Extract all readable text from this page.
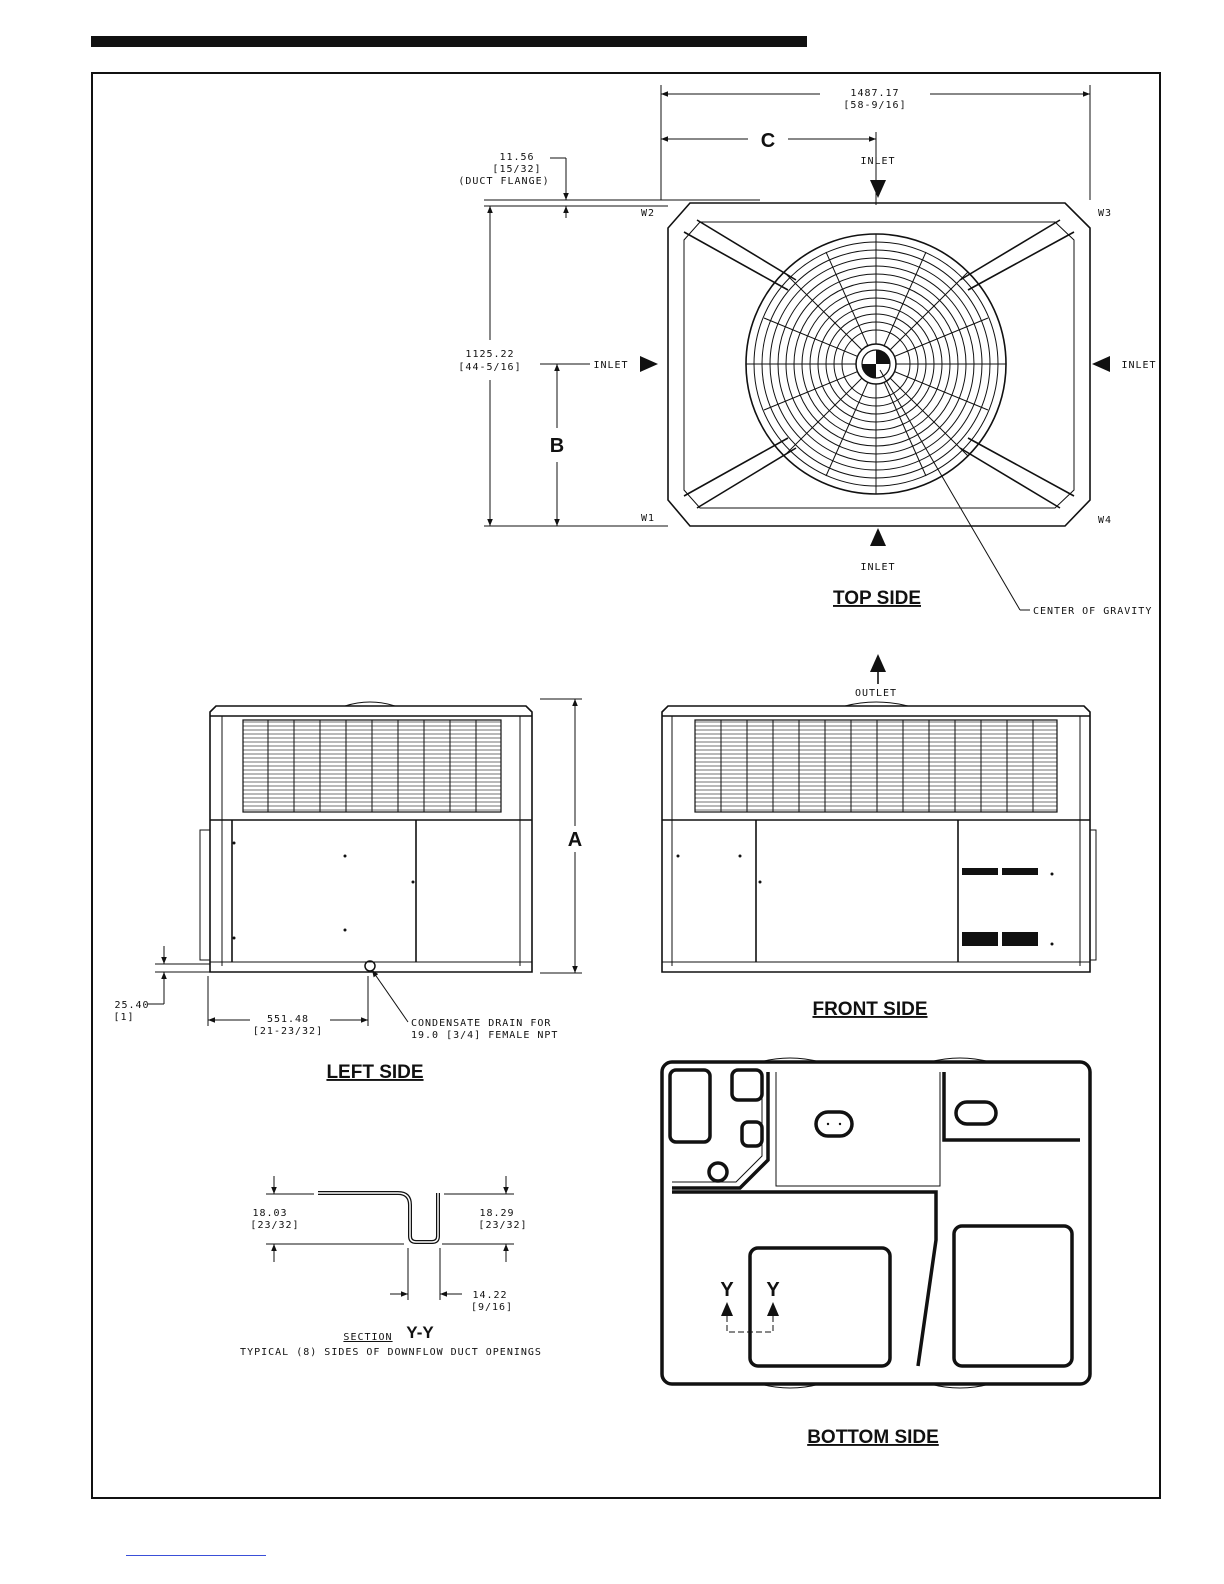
1487.17
[58-9/16]
C
INLET
11.56
[15/32]
(DUCT FLANGE)
1125.22
[44-5/16]
B
INLET	INLET
INLET
CENTER OF GRAVITY
W2	W3
W1	W4
TOP SIDE
A
25.40
[1]	551.48
[21-23/32]
CONDENSATE DRAIN FOR
19.0 [3/4] FEMALE NPT
LEFT SIDE
OUTLET
FRONT SIDE
18.03
[23/32]
18.29
[23/32]
14.22
[9/16]
SECTION Y-Y
TYPICAL (8) SIDES OF DOWNFLOW DUCT OPENINGS
Y Y
BOTTOM SIDE
